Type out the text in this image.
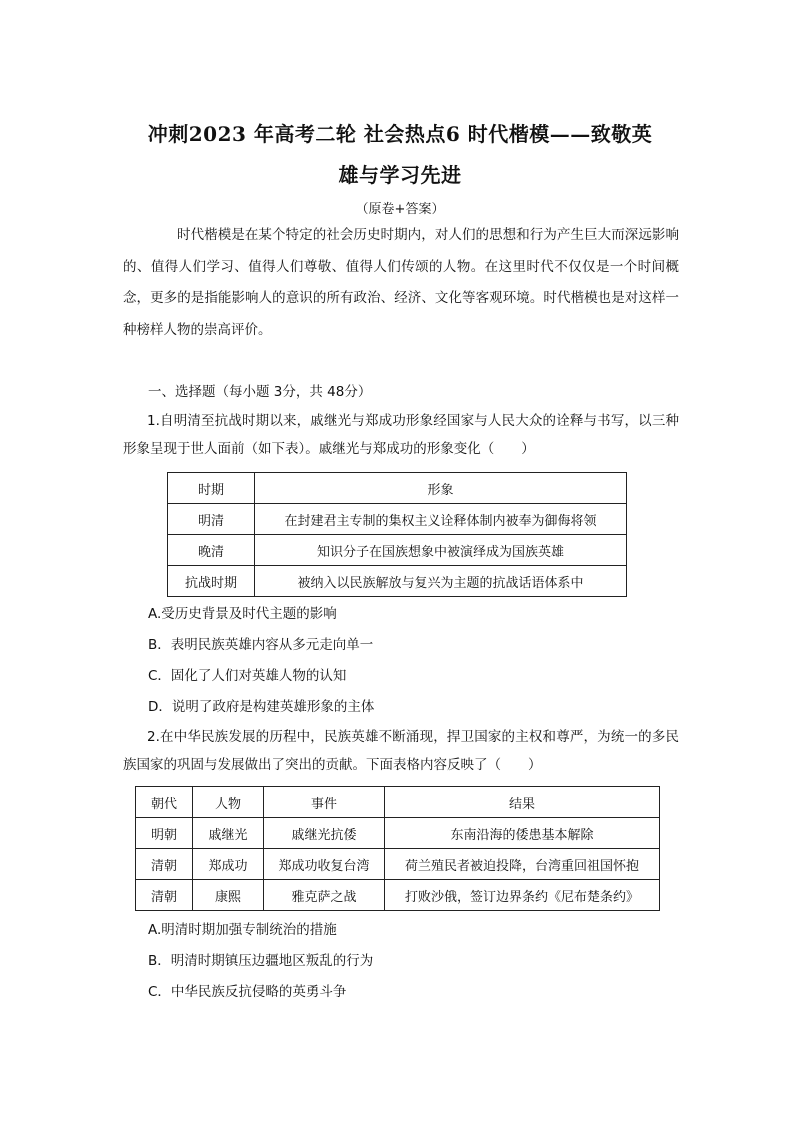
冲刺2023 年高考二轮 社会热点6 时代楷模——致敬英
雄与学习先进
（原卷+答案）

时代楷模是在某个特定的社会历史时期内，对人们的思想和行为产生巨大而深远影响的、值得人们学习、值得人们尊敬、值得人们传颂的人物。在这里时代不仅仅是一个时间概念，更多的是指能影响人的意识的所有政治、经济、文化等客观环境。时代楷模也是对这样一种榜样人物的崇高评价。

一、选择题（每小题 3分，共 48分）

1.自明清至抗战时期以来，戚继光与郑成功形象经国家与人民大众的诠释与书写，以三种形象呈现于世人面前（如下表）。戚继光与郑成功的形象变化（　　）

时期	形象
明清	在封建君主专制的集权主义诠释体制内被奉为御侮将领
晚清	知识分子在国族想象中被演绎成为国族英雄
抗战时期	被纳入以民族解放与复兴为主题的抗战话语体系中

A.受历史背景及时代主题的影响

B．表明民族英雄内容从多元走向单一

C．固化了人们对英雄人物的认知

D．说明了政府是构建英雄形象的主体

2.在中华民族发展的历程中，民族英雄不断涌现，捍卫国家的主权和尊严，为统一的多民族国家的巩固与发展做出了突出的贡献。下面表格内容反映了（　　）

朝代	人物	事件	结果
明朝	戚继光	戚继光抗倭	东南沿海的倭患基本解除
清朝	郑成功	郑成功收复台湾	荷兰殖民者被迫投降，台湾重回祖国怀抱
清朝	康熙	雅克萨之战	打败沙俄，签订边界条约《尼布楚条约》

A.明清时期加强专制统治的措施

B．明清时期镇压边疆地区叛乱的行为

C．中华民族反抗侵略的英勇斗争
